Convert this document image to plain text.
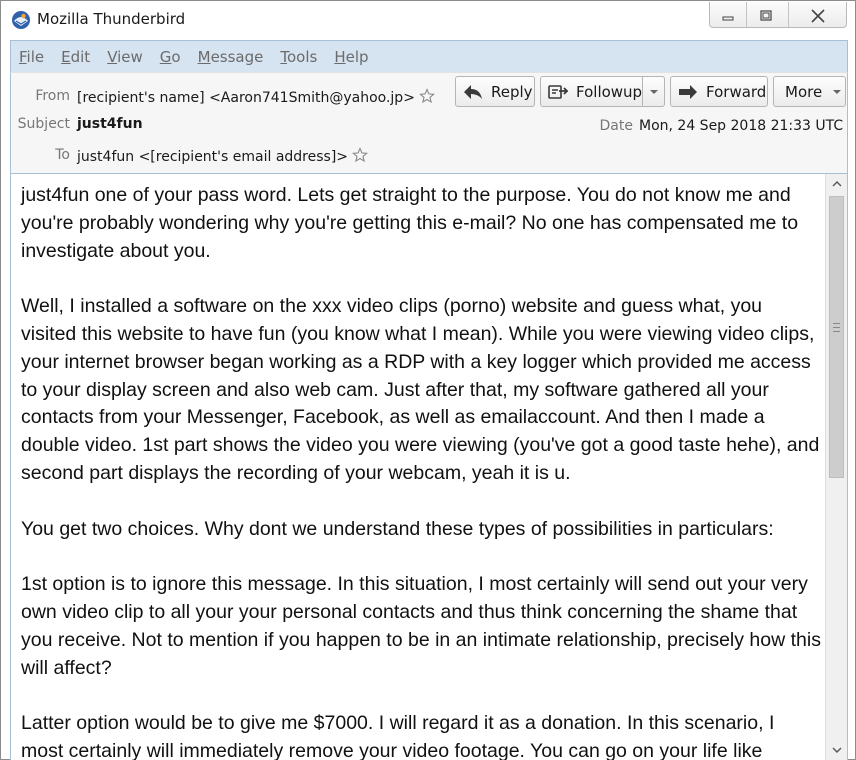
Mozilla Thunderbird
File Edit View Go Message Tools Help
From [recipient's name] <Aaron741Smith@yahoo.jp>
Subject just4fun
To just4fun <[recipient's email address]>
Date Mon, 24 Sep 2018 21:33 UTC
Reply	Followup	Forward More

just4fun one of your pass word. Lets get straight to the purpose. You do not know me and you're probably wondering why you're getting this e-mail? No one has compensated me to investigate about you.

Well, I installed a software on the xxx video clips (porno) website and guess what, you visited this website to have fun (you know what I mean). While you were viewing video clips, your internet browser began working as a RDP with a key logger which provided me access to your display screen and also web cam. Just after that, my software gathered all your contacts from your Messenger, Facebook, as well as emailaccount. And then I made a double video. 1st part shows the video you were viewing (you've got a good taste hehe), and second part displays the recording of your webcam, yeah it is u.

You get two choices. Why dont we understand these types of possibilities in particulars:

1st option is to ignore this message. In this situation, I most certainly will send out your very own video clip to all your your personal contacts and thus think concerning the shame that you receive. Not to mention if you happen to be in an intimate relationship, precisely how this will affect?

Latter option would be to give me $7000. I will regard it as a donation. In this scenario, I most certainly will immediately remove your video footage. You can go on your life like
